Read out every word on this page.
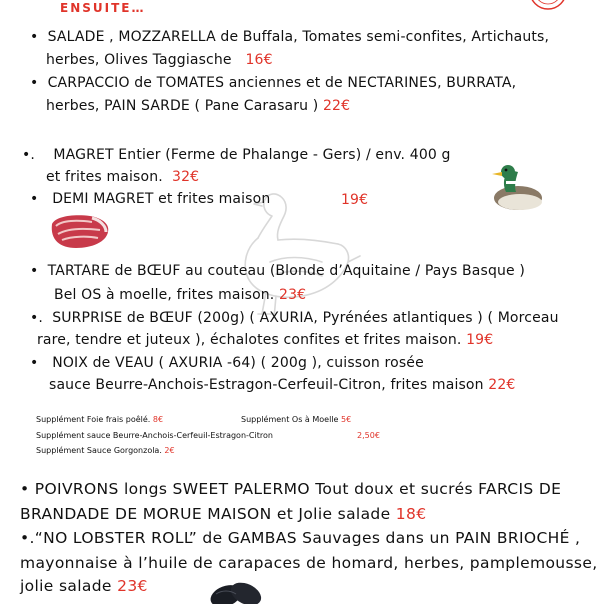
ENSUITE…
• SALADE , MOZZARELLA de Buffala, Tomates semi-confites, Artichauts,
herbes, Olives Taggiasche 16€
• CARPACCIO de TOMATES anciennes et de NECTARINES, BURRATA,
herbes, PAIN SARDE ( Pane Carasaru ) 22€
•. MAGRET Entier (Ferme de Phalange - Gers) / env. 400 g
et frites maison. 32€
• DEMI MAGRET et frites maison	19€
• TARTARE de BŒUF au couteau (Blonde d’Aquitaine / Pays Basque )
Bel OS à moelle, frites maison. 23€
•. SURPRISE de BŒUF (200g) ( AXURIA, Pyrénées atlantiques ) ( Morceau
rare, tendre et juteux ), échalotes confites et frites maison. 19€
• NOIX de VEAU ( AXURIA -64) ( 200g ), cuisson rosée
sauce Beurre-Anchois-Estragon-Cerfeuil-Citron, frites maison 22€
Supplément Foie frais poêlé. 8€	Supplément Os à Moelle 5€
Supplément sauce Beurre-Anchois-Cerfeuil-Estragon-Citron	2,50€
Supplément Sauce Gorgonzola. 2€
• POIVRONS longs SWEET PALERMO Tout doux et sucrés FARCIS DE
BRANDADE DE MORUE MAISON et Jolie salade 18€
•.“NO LOBSTER ROLL” de GAMBAS Sauvages dans un PAIN BRIOCHÉ ,
mayonnaise à l’huile de carapaces de homard, herbes, pamplemousse,
jolie salade 23€
